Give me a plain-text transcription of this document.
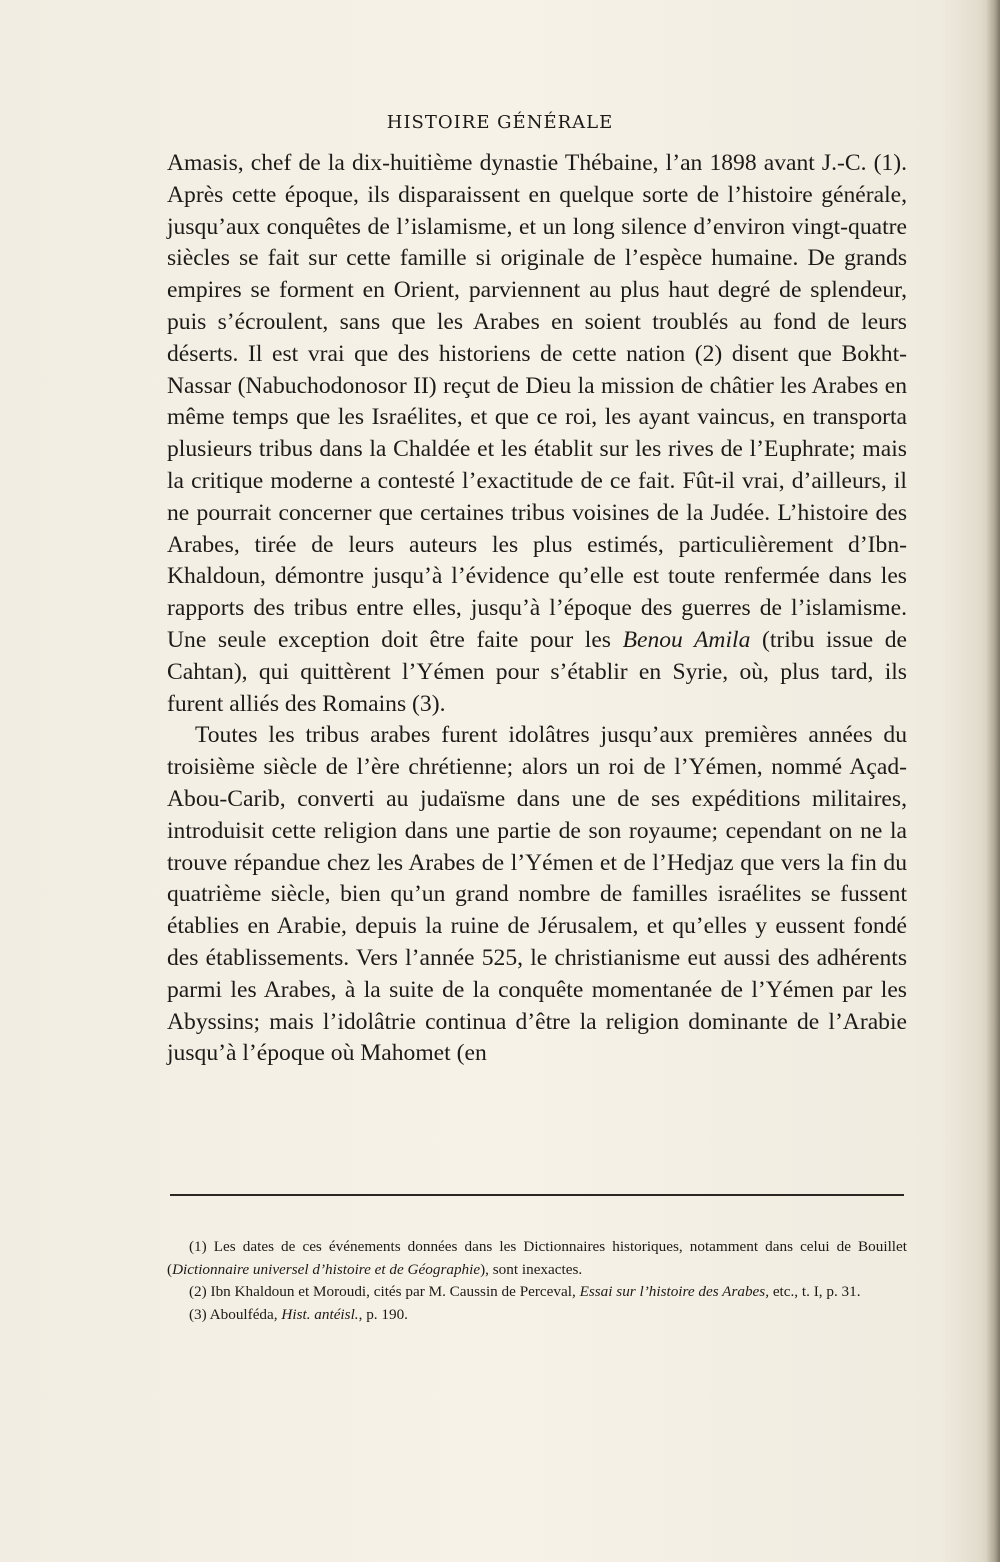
HISTOIRE GÉNÉRALE

Amasis, chef de la dix-huitième dynastie Thébaine, l’an 1898 avant J.-C. (1). Après cette époque, ils disparaissent en quelque sorte de l’histoire générale, jusqu’aux conquêtes de l’islamisme, et un long silence d’environ vingt-quatre siècles se fait sur cette famille si originale de l’espèce humaine. De grands empires se forment en Orient, parviennent au plus haut degré de splendeur, puis s’écroulent, sans que les Arabes en soient troublés au fond de leurs déserts. Il est vrai que des historiens de cette nation (2) disent que Bokht-Nassar (Nabuchodonosor II) reçut de Dieu la mission de châtier les Arabes en même temps que les Israélites, et que ce roi, les ayant vaincus, en transporta plusieurs tribus dans la Chaldée et les établit sur les rives de l’Euphrate; mais la critique moderne a contesté l’exactitude de ce fait. Fût-il vrai, d’ailleurs, il ne pourrait concerner que certaines tribus voisines de la Judée. L’histoire des Arabes, tirée de leurs auteurs les plus estimés, particulièrement d’Ibn-Khaldoun, démontre jusqu’à l’évidence qu’elle est toute renfermée dans les rapports des tribus entre elles, jusqu’à l’époque des guerres de l’islamisme. Une seule exception doit être faite pour les Benou Amila (tribu issue de Cahtan), qui quittèrent l’Yémen pour s’établir en Syrie, où, plus tard, ils furent alliés des Romains (3).

Toutes les tribus arabes furent idolâtres jusqu’aux premières années du troisième siècle de l’ère chrétienne; alors un roi de l’Yémen, nommé Açad-Abou-Carib, converti au judaïsme dans une de ses expéditions militaires, introduisit cette religion dans une partie de son royaume; cependant on ne la trouve répandue chez les Arabes de l’Yémen et de l’Hedjaz que vers la fin du quatrième siècle, bien qu’un grand nombre de familles israélites se fussent établies en Arabie, depuis la ruine de Jérusalem, et qu’elles y eussent fondé des établissements. Vers l’année 525, le christianisme eut aussi des adhérents parmi les Arabes, à la suite de la conquête momentanée de l’Yémen par les Abyssins; mais l’idolâtrie continua d’être la religion dominante de l’Arabie jusqu’à l’époque où Mahomet (en

(1) Les dates de ces événements données dans les Dictionnaires historiques, notamment dans celui de Bouillet (Dictionnaire universel d’histoire et de Géographie), sont inexactes.

(2) Ibn Khaldoun et Moroudi, cités par M. Caussin de Perceval, Essai sur l’histoire des Arabes, etc., t. I, p. 31.

(3) Aboulféda, Hist. antéisl., p. 190.
